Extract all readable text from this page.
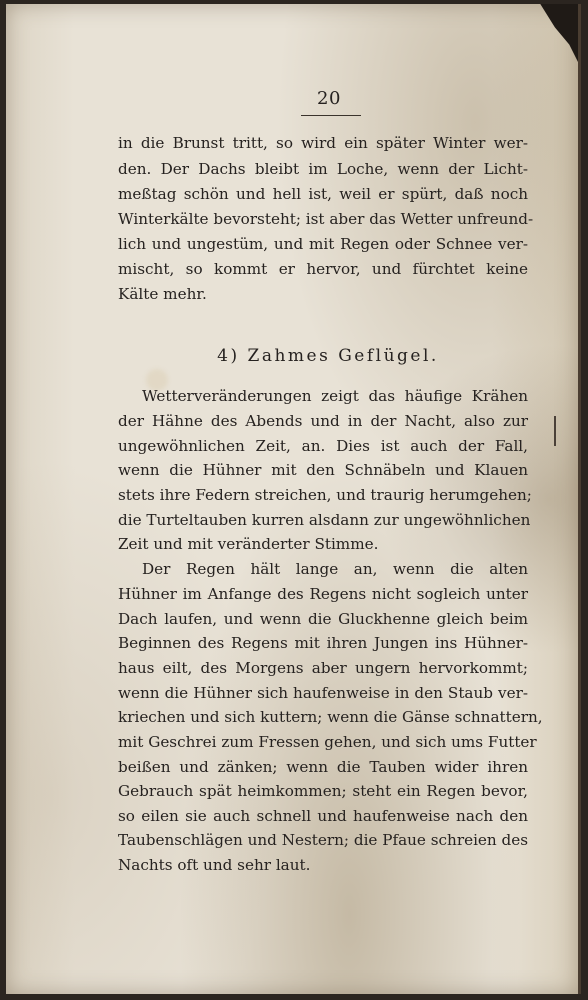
20
in die Brunst tritt, so wird ein später Winter wer-
den. Der Dachs bleibt im Loche, wenn der Licht-
meßtag schön und hell ist, weil er spürt, daß noch
Winterkälte bevorsteht; ist aber das Wetter unfreund-
lich und ungestüm, und mit Regen oder Schnee ver-
mischt, so kommt er hervor, und fürchtet keine
Kälte mehr.
4) Zahmes Geflügel.
Wetterveränderungen zeigt das häufige Krähen
der Hähne des Abends und in der Nacht, also zur
ungewöhnlichen Zeit, an. Dies ist auch der Fall,
wenn die Hühner mit den Schnäbeln und Klauen
stets ihre Federn streichen, und traurig herumgehen;
die Turteltauben kurren alsdann zur ungewöhnlichen
Zeit und mit veränderter Stimme.
Der Regen hält lange an, wenn die alten
Hühner im Anfange des Regens nicht sogleich unter
Dach laufen, und wenn die Gluckhenne gleich beim
Beginnen des Regens mit ihren Jungen ins Hühner-
haus eilt, des Morgens aber ungern hervorkommt;
wenn die Hühner sich haufenweise in den Staub ver-
kriechen und sich kuttern; wenn die Gänse schnattern,
mit Geschrei zum Fressen gehen, und sich ums Futter
beißen und zänken; wenn die Tauben wider ihren
Gebrauch spät heimkommen; steht ein Regen bevor,
so eilen sie auch schnell und haufenweise nach den
Taubenschlägen und Nestern; die Pfaue schreien des
Nachts oft und sehr laut.
